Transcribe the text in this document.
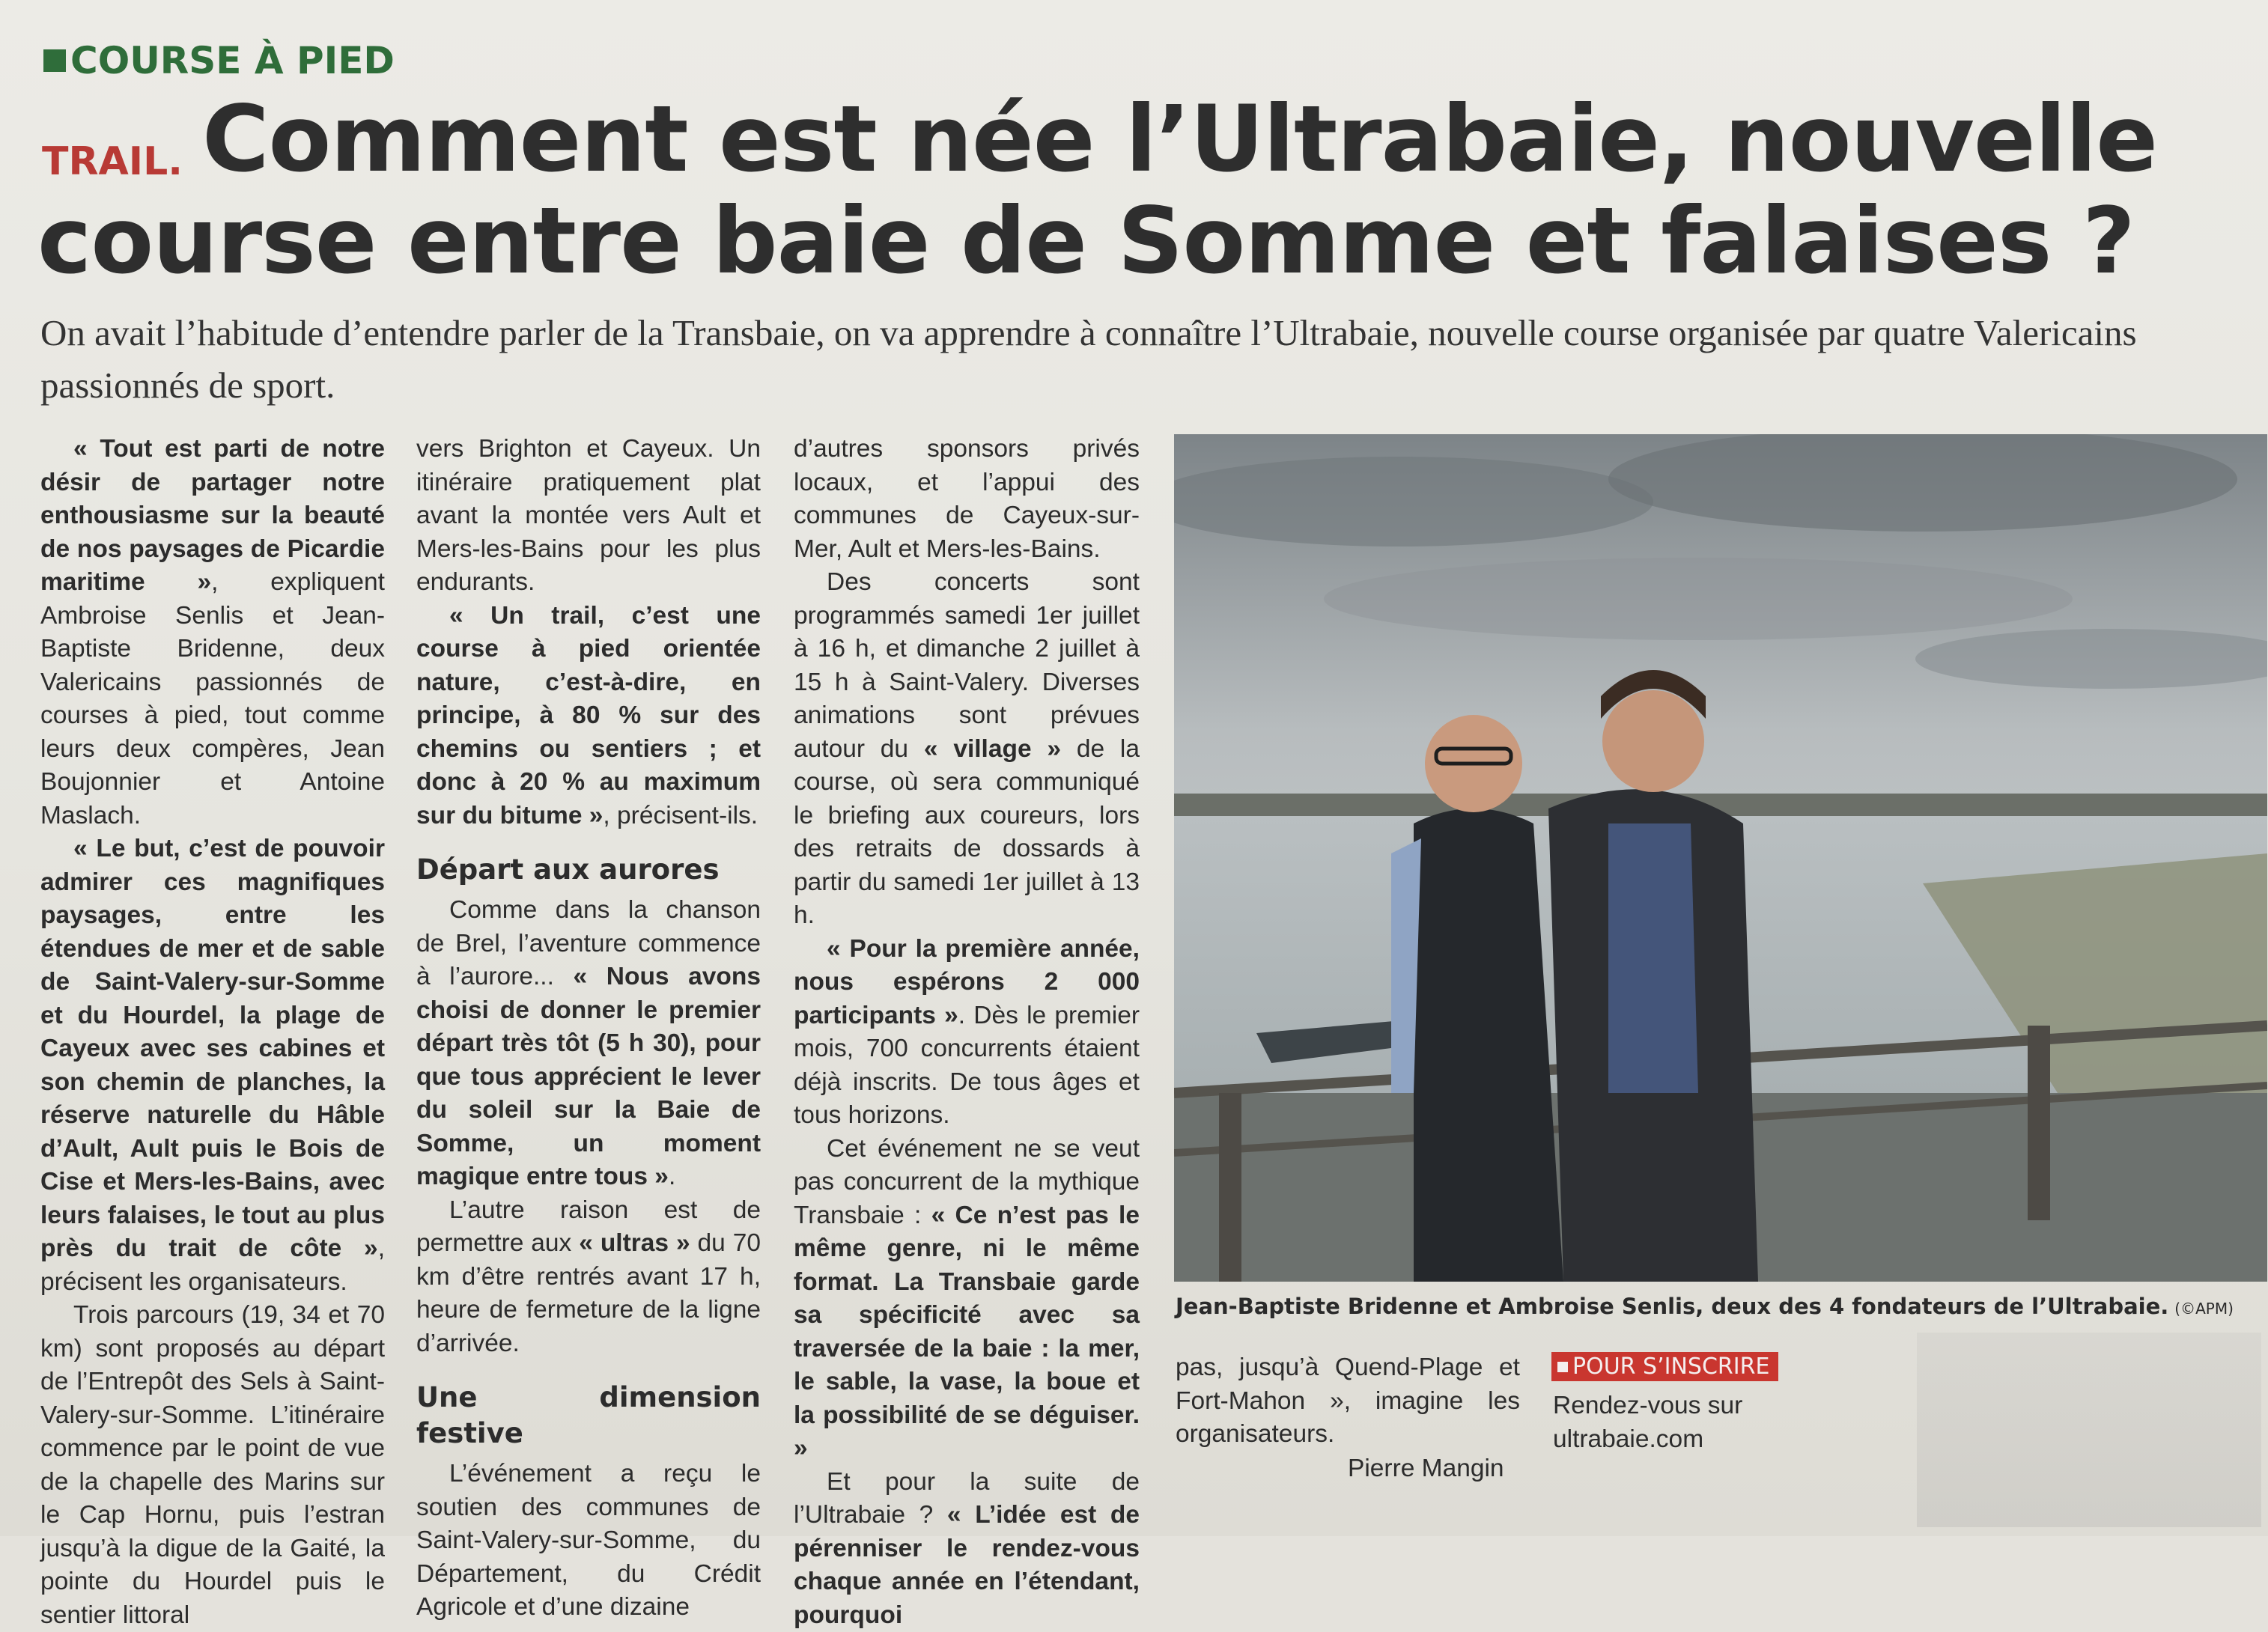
COURSE À PIED
TRAIL. Comment est née l’Ultrabaie, nouvelle
course entre baie de Somme et falaises ?
On avait l’habitude d’entendre parler de la Transbaie, on va apprendre à connaître l’Ultrabaie, nouvelle course organisée par quatre Valericains passionnés de sport.

« Tout est parti de notre désir de partager notre enthousiasme sur la beauté de nos paysages de Picardie maritime », expliquent Ambroise Senlis et Jean-Baptiste Bridenne, deux Valericains passionnés de courses à pied, tout comme leurs deux compères, Jean Boujonnier et Antoine Maslach.

« Le but, c’est de pouvoir admirer ces magnifiques paysages, entre les étendues de mer et de sable de Saint-Valery-sur-Somme et du Hourdel, la plage de Cayeux avec ses cabines et son chemin de planches, la réserve naturelle du Hâble d’Ault, Ault puis le Bois de Cise et Mers-les-Bains, avec leurs falaises, le tout au plus près du trait de côte », précisent les organisateurs.

Trois parcours (19, 34 et 70 km) sont proposés au départ de l’Entrepôt des Sels à Saint-Valery-sur-Somme. L’itinéraire commence par le point de vue de la chapelle des Marins sur le Cap Hornu, puis l’estran jusqu’à la digue de la Gaité, la pointe du Hourdel puis le sentier littoral

vers Brighton et Cayeux. Un itinéraire pratiquement plat avant la montée vers Ault et Mers-les-Bains pour les plus endurants.

« Un trail, c’est une course à pied orientée nature, c’est-à-dire, en principe, à 80 % sur des chemins ou sentiers ; et donc à 20 % au maximum sur du bitume », précisent-ils.

Départ aux aurores

Comme dans la chanson de Brel, l’aventure commence à l’aurore... « Nous avons choisi de donner le premier départ très tôt (5 h 30), pour que tous apprécient le lever du soleil sur la Baie de Somme, un moment magique entre tous ».

L’autre raison est de permettre aux « ultras » du 70 km d’être rentrés avant 17 h, heure de fermeture de la ligne d’arrivée.

Une dimension festive

L’événement a reçu le soutien des communes de Saint-Valery-sur-Somme, du Département, du Crédit Agricole et d’une dizaine

d’autres sponsors privés locaux, et l’appui des communes de Cayeux-sur-Mer, Ault et Mers-les-Bains.

Des concerts sont programmés samedi 1er juillet à 16 h, et dimanche 2 juillet à 15 h à Saint-Valery. Diverses animations sont prévues autour du « village » de la course, où sera communiqué le briefing aux coureurs, lors des retraits de dossards à partir du samedi 1er juillet à 13 h.

« Pour la première année, nous espérons 2 000 participants ». Dès le premier mois, 700 concurrents étaient déjà inscrits. De tous âges et tous horizons.

Cet événement ne se veut pas concurrent de la mythique Transbaie : « Ce n’est pas le même genre, ni le même format. La Transbaie garde sa spécificité avec sa traversée de la baie : la mer, le sable, la vase, la boue et la possibilité de se déguiser. »

Et pour la suite de l’Ultrabaie ? « L’idée est de pérenniser le rendez-vous chaque année en l’étendant, pourquoi

Jean-Baptiste Bridenne et Ambroise Senlis, deux des 4 fondateurs de l’Ultrabaie. (©APM)

pas, jusqu’à Quend-Plage et Fort-Mahon », imagine les organisateurs.

Pierre Mangin
POUR S’INSCRIRE
Rendez-vous sur ultrabaie.com
